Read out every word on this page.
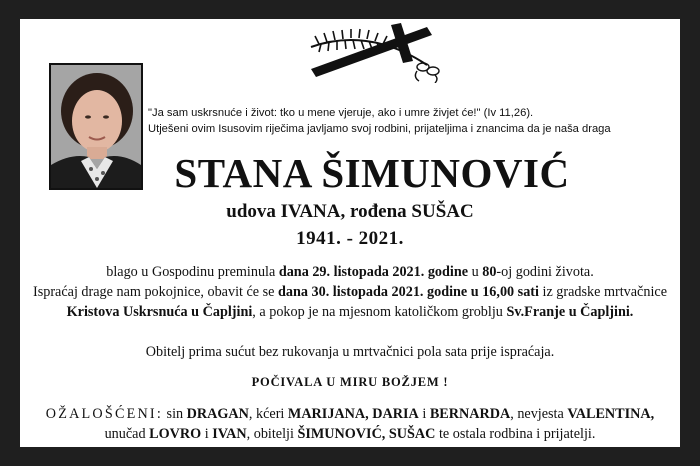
"Ja sam uskrsnuće i život: tko u mene vjeruje, ako i umre živjet će!" (Iv 11,26).
Utješeni ovim Isusovim riječima javljamo svoj rodbini, prijateljima i znancima da je naša draga
STANA ŠIMUNOVIĆ
udova IVANA, rođena SUŠAC
1941. - 2021.
blago u Gospodinu preminula dana 29. listopada 2021. godine u 80-oj godini života.
Ispraćaj drage nam pokojnice, obavit će se dana 30. listopada 2021. godine u 16,00 sati iz gradske mrtvačnice
Kristova Uskrsnuća u Čapljini, a pokop je na mjesnom katoličkom groblju Sv.Franje u Čapljini.
Obitelj prima sućut bez rukovanja u mrtvačnici pola sata prije ispraćaja.
POČIVALA U MIRU BOŽJEM !
OŽALOŠĆENI: sin DRAGAN, kćeri MARIJANA, DARIA i BERNARDA, nevjesta VALENTINA,
unučad LOVRO i IVAN, obitelji ŠIMUNOVIĆ, SUŠAC te ostala rodbina i prijatelji.
